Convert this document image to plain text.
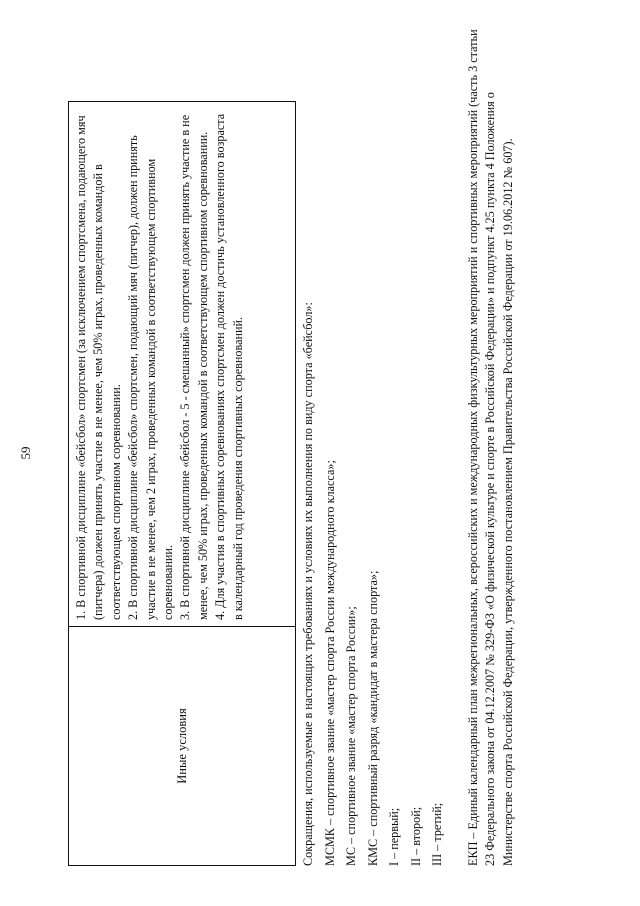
59
Иные условия

1. В спортивной дисциплине «бейсбол» спортсмен (за исключением спортсмена, подающего мяч (питчера) должен принять участие в не менее, чем 50% играх, проведенных командой в соответствующем спортивном соревновании. 2. В спортивной дисциплине «бейсбол» спортсмен, подающий мяч (питчер), должен принять участие в не менее, чем 2 играх, проведенных командой в соответствующем спортивном соревновании. 3. В спортивной дисциплине «бейсбол - 5 - смешанный» спортсмен должен принять участие в не менее, чем 50% играх, проведенных командой в соответствующем спортивном соревновании. 4. Для участия в спортивных соревнованиях спортсмен должен достичь установленного возраста в календарный год проведения спортивных соревнований.	Сокращения, используемые в настоящих требованиях и условиях их выполнения по виду спорта «бейсбол»: МСМК – спортивное звание «мастер спорта России международного класса»; МС – спортивное звание «мастер спорта России»; КМС – спортивный разряд «кандидат в мастера спорта»; I – первый; II – второй; III – третий; ЕКП – Единый календарный план межрегиональных, всероссийских и международных физкультурных мероприятий и спортивных мероприятий (часть 3 статьи 23 Федерального закона от 04.12.2007 № 329-ФЗ «О физической культуре и спорте в Российской Федерации» и подпункт 4.25 пункта 4 Положения о Министерстве спорта Российской Федерации, утвержденного постановлением Правительства Российской Федерации от 19.06.2012 № 607).
